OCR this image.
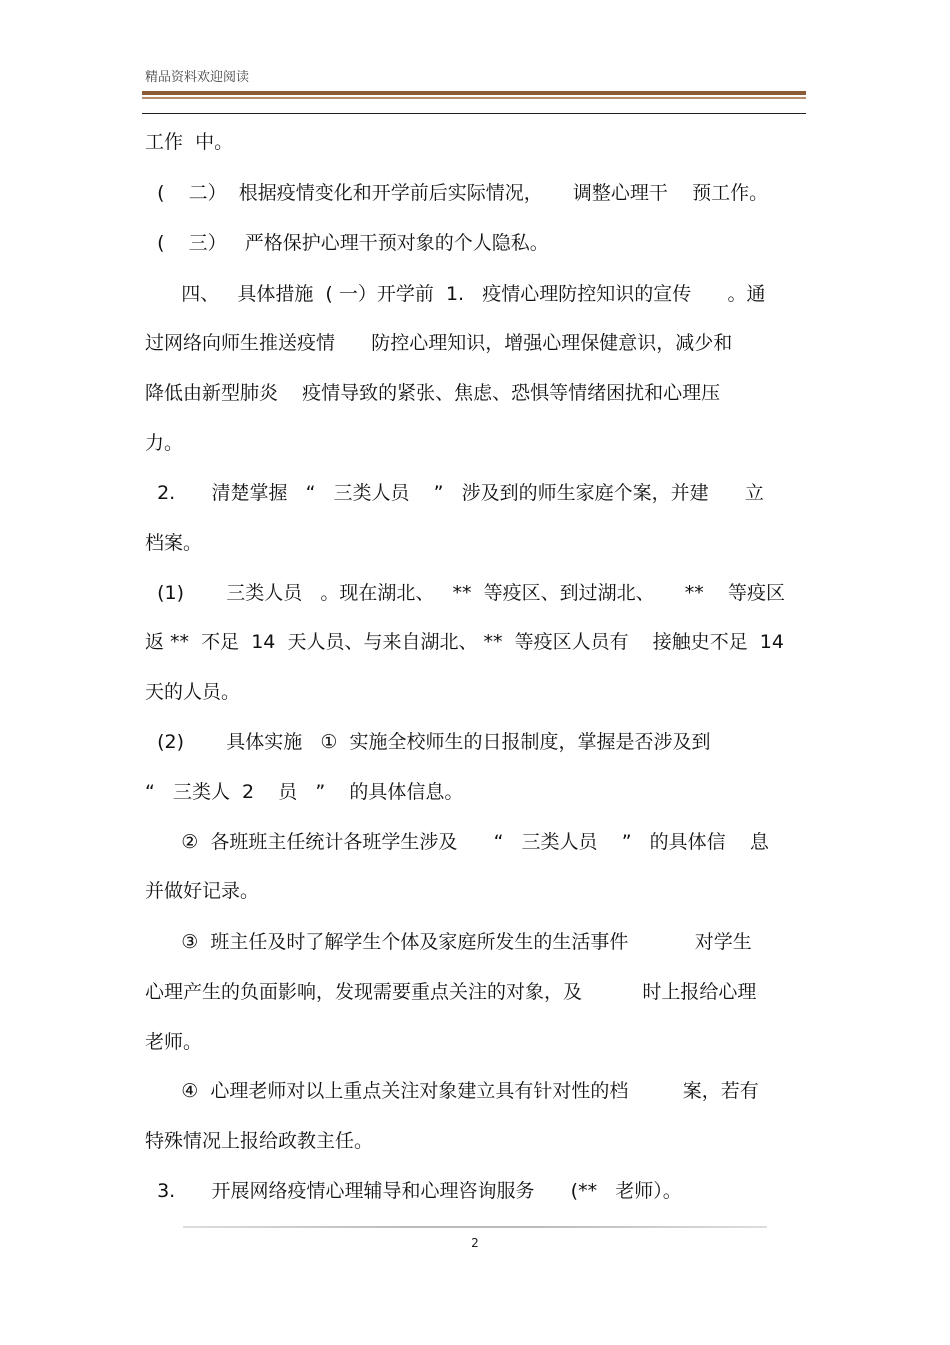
精品资料欢迎阅读
工作  中。
(    二）  根据疫情变化和开学前后实际情况，     调整心理干    预工作。
(    三）   严格保护心理干预对象的个人隐私。
四、   具体措施  ( 一）开学前  1.   疫情心理防控知识的宣传      。通
过网络向师生推送疫情      防控心理知识，增强心理保健意识，减少和
降低由新型肺炎    疫情导致的紧张、焦虑、恐惧等情绪困扰和心理压
力。
2.      清楚掌握   “   三类人员    ”   涉及到的师生家庭个案，并建      立
档案。
(1)       三类人员   。现在湖北、   **  等疫区、到过湖北、     **    等疫区
返 **  不足  14  天人员、与来自湖北、 **  等疫区人员有    接触史不足  14
天的人员。
(2)       具体实施   ①  实施全校师生的日报制度，掌握是否涉及到
“   三类人  2    员   ”    的具体信息。
②  各班班主任统计各班学生涉及      “   三类人员    ”   的具体信    息
并做好记录。
③  班主任及时了解学生个体及家庭所发生的生活事件           对学生
心理产生的负面影响，发现需要重点关注的对象，及          时上报给心理
老师。
④  心理老师对以上重点关注对象建立具有针对性的档         案，若有
特殊情况上报给政教主任。
3.      开展网络疫情心理辅导和心理咨询服务      (**   老师）。
2
